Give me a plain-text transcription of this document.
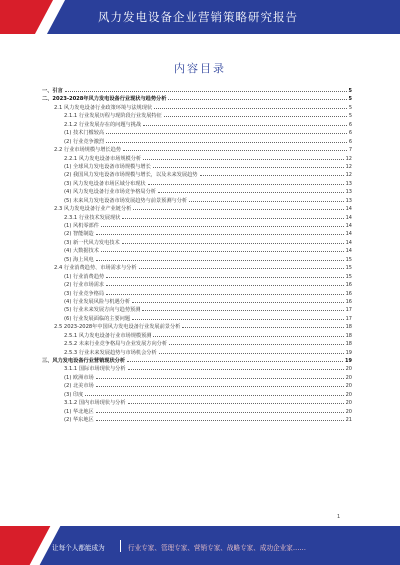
风力发电设备企业营销策略研究报告
内容目录
一、引言	5
二、2023-2028年风力发电设备行业现状与趋势分析	5
2.1 风力发电设备行业政策环境与法规现状	5
2.1.1 行业发展历程与现阶段行业发展特征	5
2.1.2 行业发展存在的问题与挑战	6
(1) 技术门槛较高	6
(2) 行业竞争激烈	6
2.2 行业市场规模与增长趋势	7
2.2.1 风力发电设备市场规模分析	12
(1) 全球风力发电设备市场规模与增长	12
(2) 我国风力发电设备市场规模与增长，以及未来发展趋势	12
(3) 风力发电设备市场区域分布现状	13
(4) 风力发电设备行业市场竞争格局分析	13
(5) 未来风力发电设备市场发展趋势与前景预测与分析	13
2.3 风力发电设备行业产业链分析	14
2.3.1 行业技术发展现状	14
(1) 风机零部件	14
(2) 智能制造	14
(3) 新一代风力发电技术	14
(4) 大数据技术	14
(5) 海上风电	15
2.4 行业消费趋势、市场需求与分析	15
(1) 行业消费趋势	15
(2) 行业市场需求	16
(3) 行业竞争格局	16
(4) 行业发展风险与机遇分析	16
(5) 行业未来发展方向与趋势预测	17
(6) 行业发展面临的主要问题	17
2.5 2023-2028年中国风力发电设备行业发展前景分析	18
2.5.1 风力发电设备行业市场规模预测	18
2.5.2 未来行业竞争格局与企业发展方向分析	18
2.5.3 行业未来发展趋势与市场机会分析	19
三、风力发电设备行业营销现状分析	19
3.1.1 国际市场现状与分析	20
(1) 欧洲市场	20
(2) 北美市场	20
(3) 印度	20
3.1.2 国内市场现状与分析	20
(1) 华北地区	20
(2) 华东地区	21
1
让每个人都能成为	行业专家、管理专家、营销专家、战略专家、成功企业家……
